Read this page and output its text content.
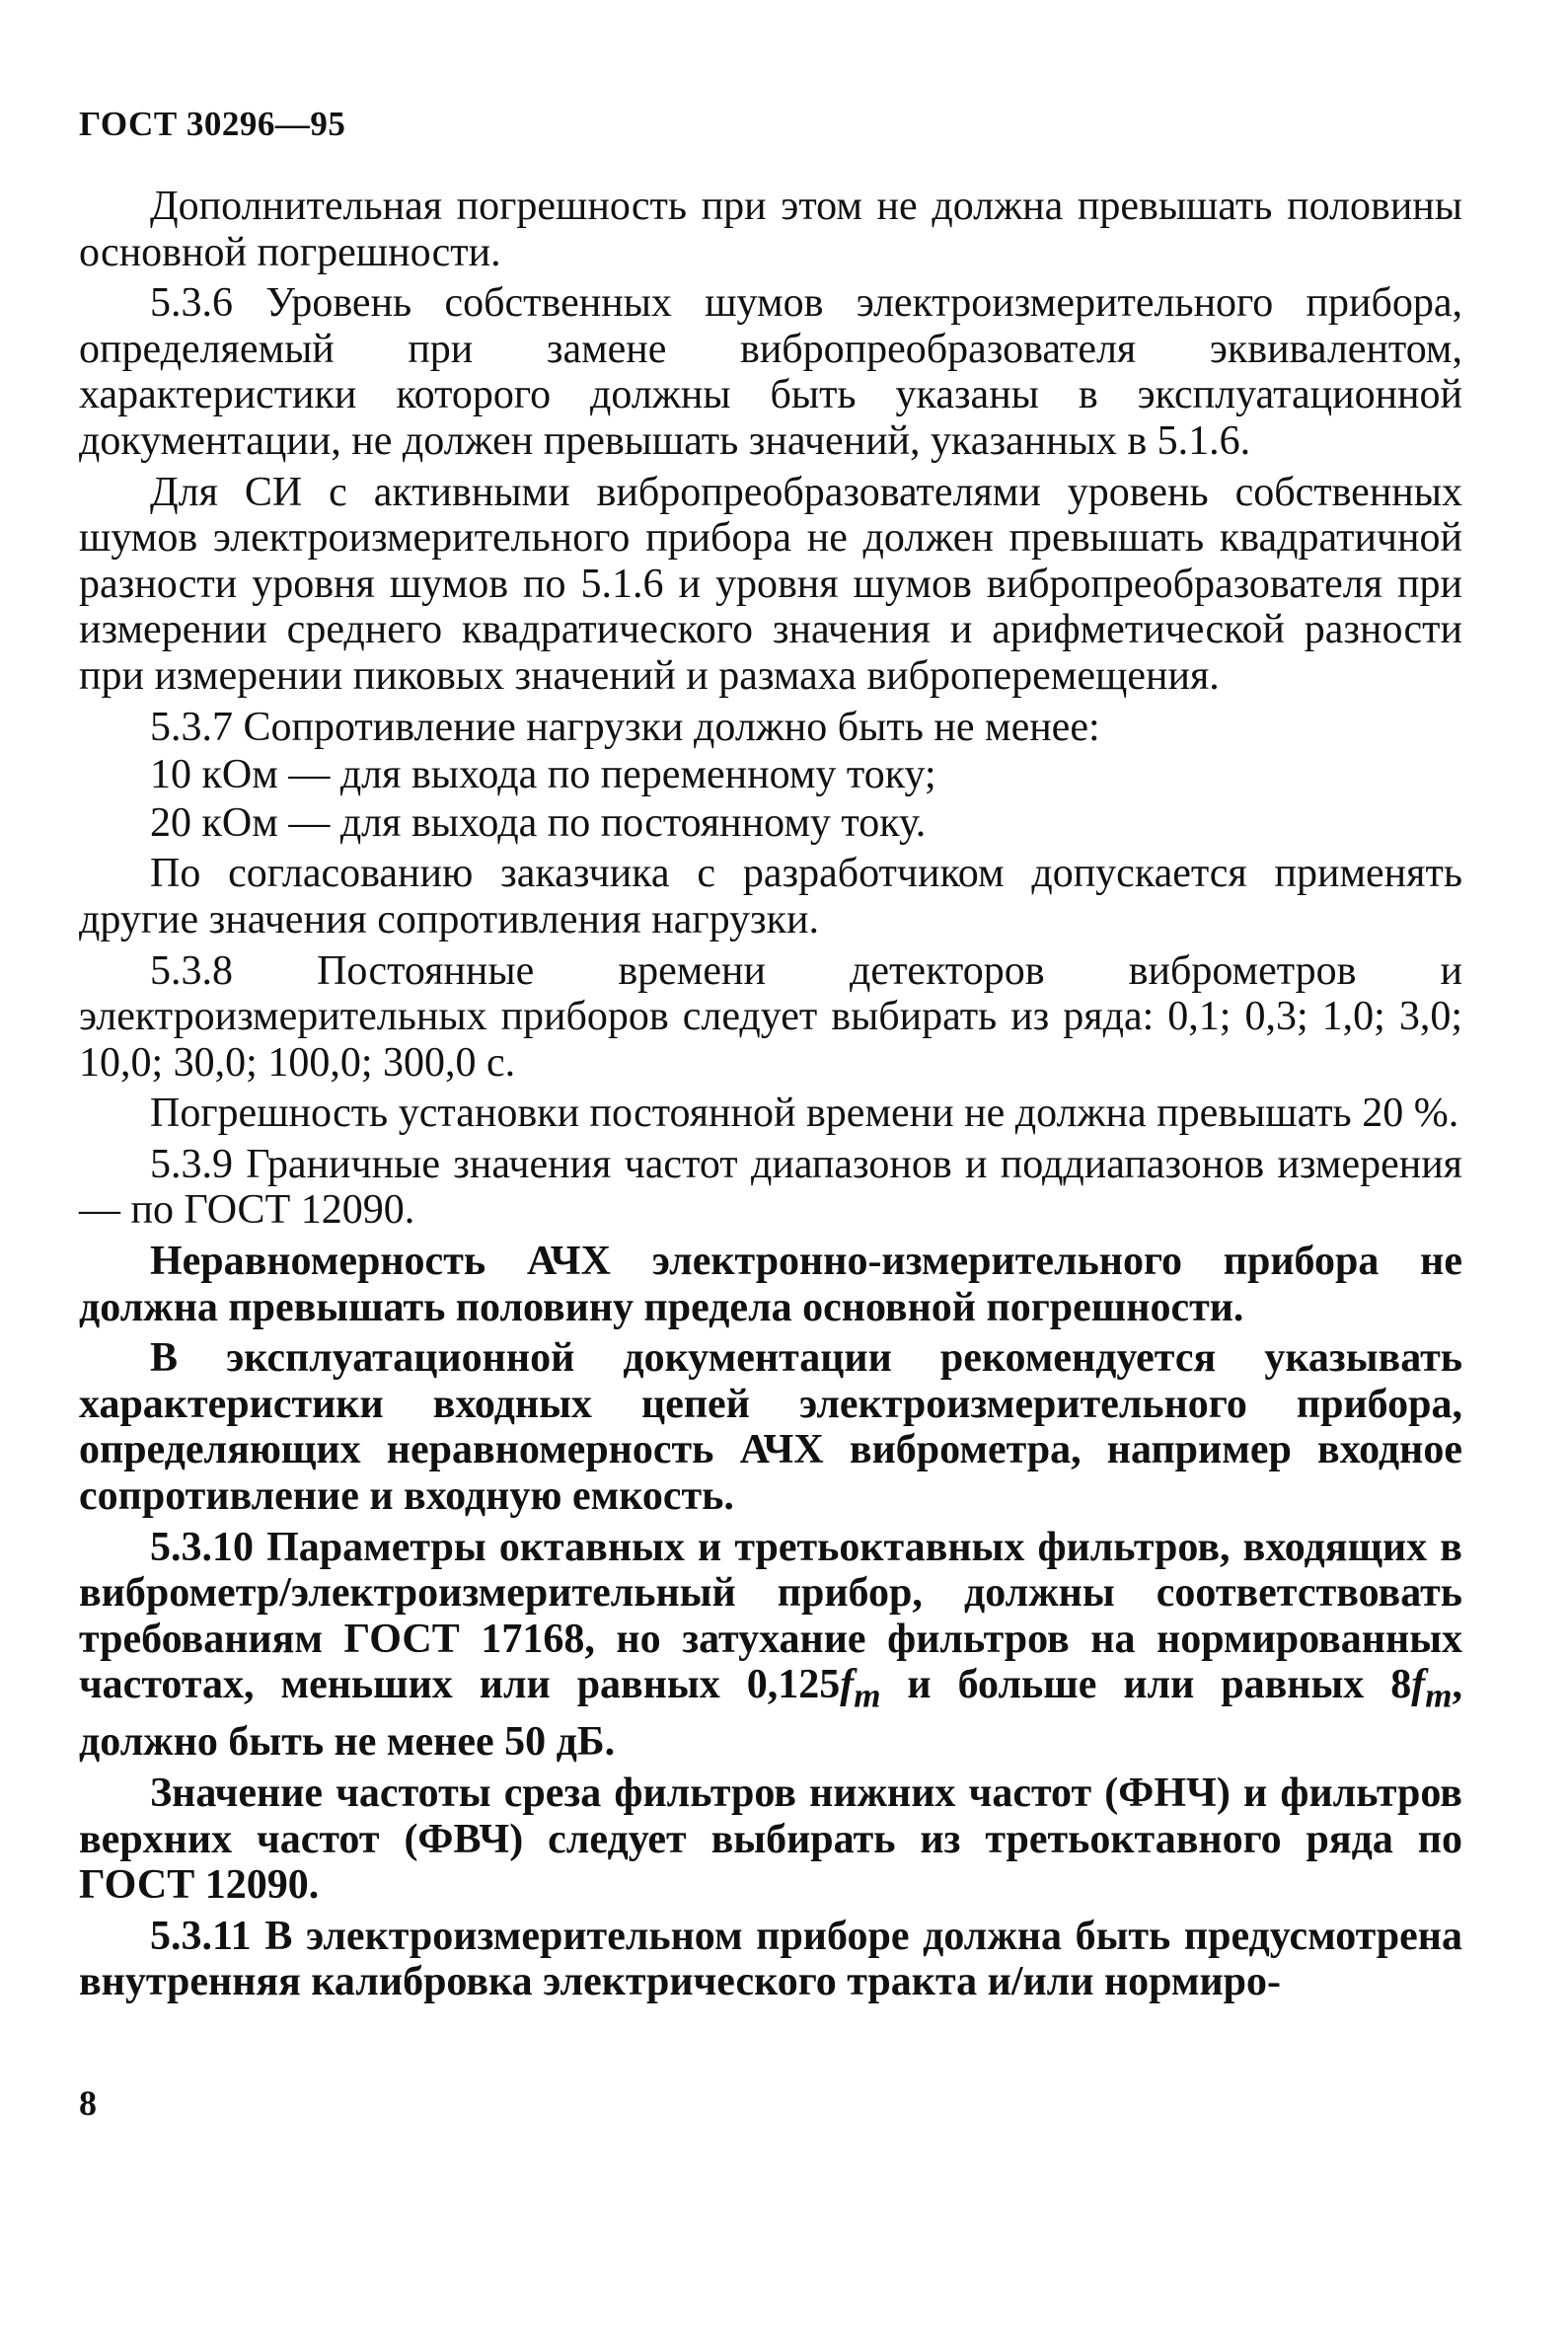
ГОСТ 30296—95

Дополнительная погрешность при этом не должна превышать половины основной погрешности.

5.3.6 Уровень собственных шумов электроизмерительного прибора, определяемый при замене вибропреобразователя эквивалентом, характеристики которого должны быть указаны в эксплуатационной документации, не должен превышать значений, указанных в 5.1.6.

Для СИ с активными вибропреобразователями уровень собственных шумов электроизмерительного прибора не должен превышать квадратичной разности уровня шумов по 5.1.6 и уровня шумов вибропреобразователя при измерении среднего квадратического значения и арифметической разности при измерении пиковых значений и размаха виброперемещения.

5.3.7 Сопротивление нагрузки должно быть не менее:

10 кОм — для выхода по переменному току;

20 кОм — для выхода по постоянному току.

По согласованию заказчика с разработчиком допускается применять другие значения сопротивления нагрузки.

5.3.8 Постоянные времени детекторов виброметров и электроизмерительных приборов следует выбирать из ряда: 0,1; 0,3; 1,0; 3,0; 10,0; 30,0; 100,0; 300,0 с.

Погрешность установки постоянной времени не должна превышать 20 %.

5.3.9 Граничные значения частот диапазонов и поддиапазонов измерения — по ГОСТ 12090.

Неравномерность АЧХ электронно-измерительного прибора не должна превышать половину предела основной погрешности.

В эксплуатационной документации рекомендуется указывать характеристики входных цепей электроизмерительного прибора, определяющих неравномерность АЧХ виброметра, например входное сопротивление и входную емкость.

5.3.10 Параметры октавных и третьоктавных фильтров, входящих в виброметр/электроизмерительный прибор, должны соответствовать требованиям ГОСТ 17168, но затухание фильтров на нормированных частотах, меньших или равных $0,125f_m$ и больше или равных $8f_m$, должно быть не менее 50 дБ.

Значение частоты среза фильтров нижних частот (ФНЧ) и фильтров верхних частот (ФВЧ) следует выбирать из третьоктавного ряда по ГОСТ 12090.

5.3.11 В электроизмерительном приборе должна быть предусмотрена внутренняя калибровка электрического тракта и/или нормиро-

8
